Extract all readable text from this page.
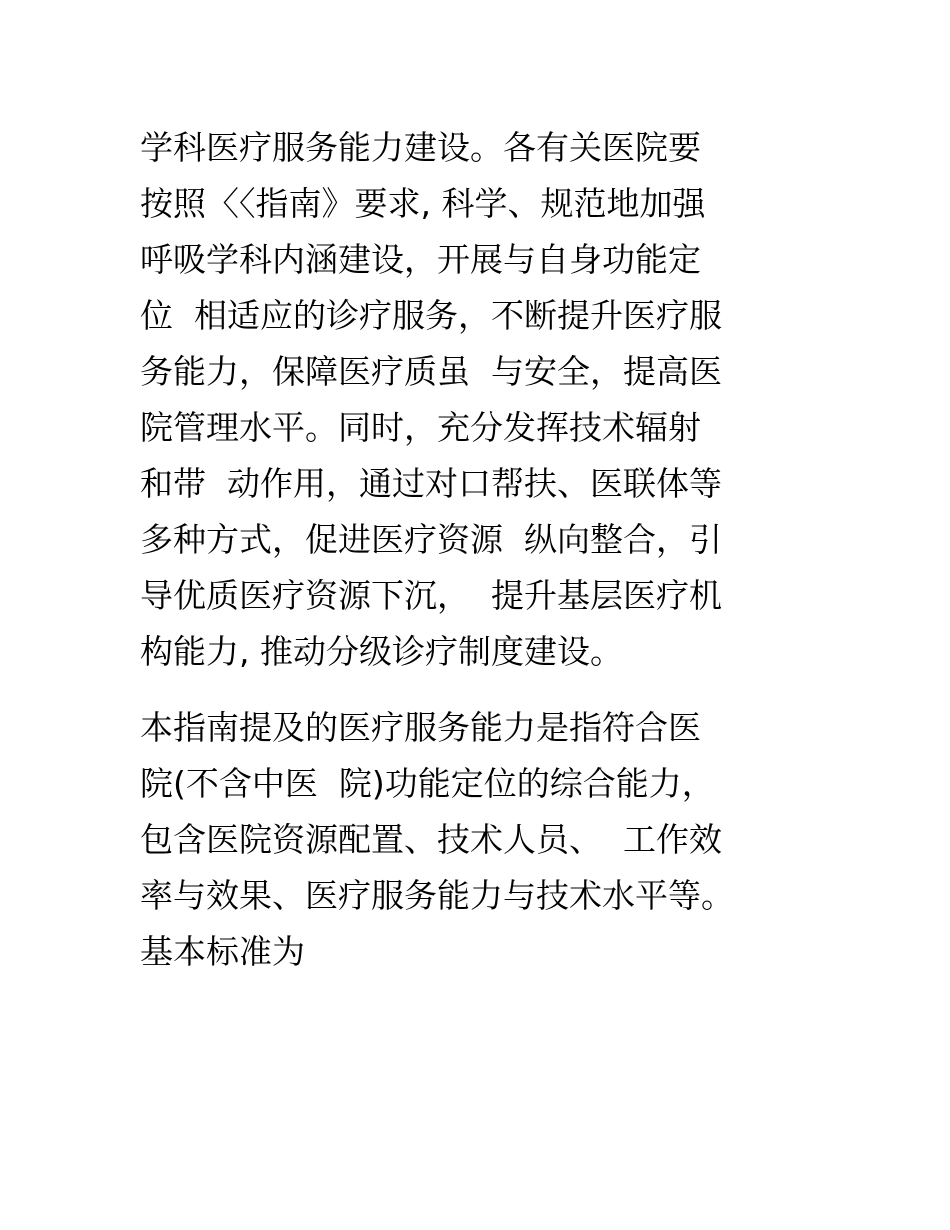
学科医疗服务能力建设。各有关医院要
按照〈〈指南》要求, 科学、规范地加强
呼吸学科内涵建设，开展与自身功能定
位  相适应的诊疗服务，不断提升医疗服
务能力，保障医疗质虽  与安全，提高医
院管理水平。同时，充分发挥技术辐射
和带  动作用，通过对口帮扶、医联体等
多种方式，促进医疗资源  纵向整合，引
导优质医疗资源下沉，  提升基层医疗机
构能力, 推动分级诊疗制度建设。

本指南提及的医疗服务能力是指符合医
院(不含中医  院)功能定位的综合能力，
包含医院资源配置、技术人员、  工作效
率与效果、医疗服务能力与技术水平等。
基本标准为
